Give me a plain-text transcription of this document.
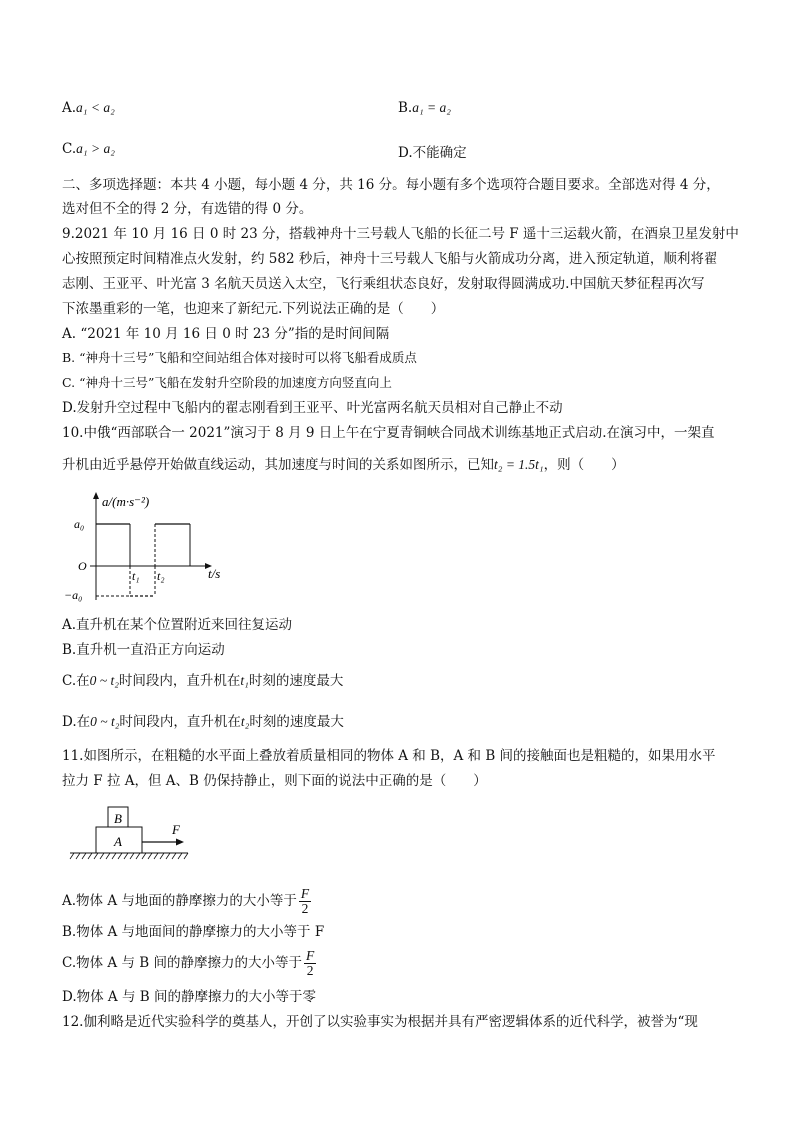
A.a₁ < a₂	B.a₁ = a₂
C.a₁ > a₂	D.不能确定
二、多项选择题：本共 4 小题，每小题 4 分，共 16 分。每小题有多个选项符合题目要求。全部选对得 4 分，
选对但不全的得 2 分，有选错的得 0 分。
9.2021 年 10 月 16 日 0 时 23 分，搭载神舟十三号载人飞船的长征二号 F 遥十三运载火箭，在酒泉卫星发射中
心按照预定时间精准点火发射，约 582 秒后，神舟十三号载人飞船与火箭成功分离，进入预定轨道，顺利将翟
志刚、王亚平、叶光富 3 名航天员送入太空，飞行乘组状态良好，发射取得圆满成功.中国航天梦征程再次写
下浓墨重彩的一笔，也迎来了新纪元.下列说法正确的是（　　）
A. “2021 年 10 月 16 日 0 时 23 分”指的是时间间隔
B. “神舟十三号”飞船和空间站组合体对接时可以将飞船看成质点
C. “神舟十三号”飞船在发射升空阶段的加速度方向竖直向上
D.发射升空过程中飞船内的翟志刚看到王亚平、叶光富两名航天员相对自己静止不动
10.中俄“西部联合一 2021”演习于 8 月 9 日上午在宁夏青铜峡合同战术训练基地正式启动.在演习中，一架直
升机由近乎悬停开始做直线运动，其加速度与时间的关系如图所示，已知t₂ = 1.5t₁，则（　　）
a/(m·s⁻²)
a₀
O
−a₀
t₁ t₂	t/s
A.直升机在某个位置附近来回往复运动
B.直升机一直沿正方向运动
C.在0 ~ t₂时间段内，直升机在t₁时刻的速度最大
D.在0 ~ t₂时间段内，直升机在t₂时刻的速度最大
11.如图所示，在粗糙的水平面上叠放着质量相同的物体 A 和 B，A 和 B 间的接触面也是粗糙的，如果用水平
拉力 F 拉 A，但 A、B 仍保持静止，则下面的说法中正确的是（　　）
B
A
F
A.物体 A 与地面的静摩擦力的大小等于 $\frac{F}{2}$
B.物体 A 与地面间的静摩擦力的大小等于 F
C.物体 A 与 B 间的静摩擦力的大小等于 $\frac{F}{2}$
D.物体 A 与 B 间的静摩擦力的大小等于零
12.伽利略是近代实验科学的奠基人，开创了以实验事实为根据并具有严密逻辑体系的近代科学，被誉为“现
